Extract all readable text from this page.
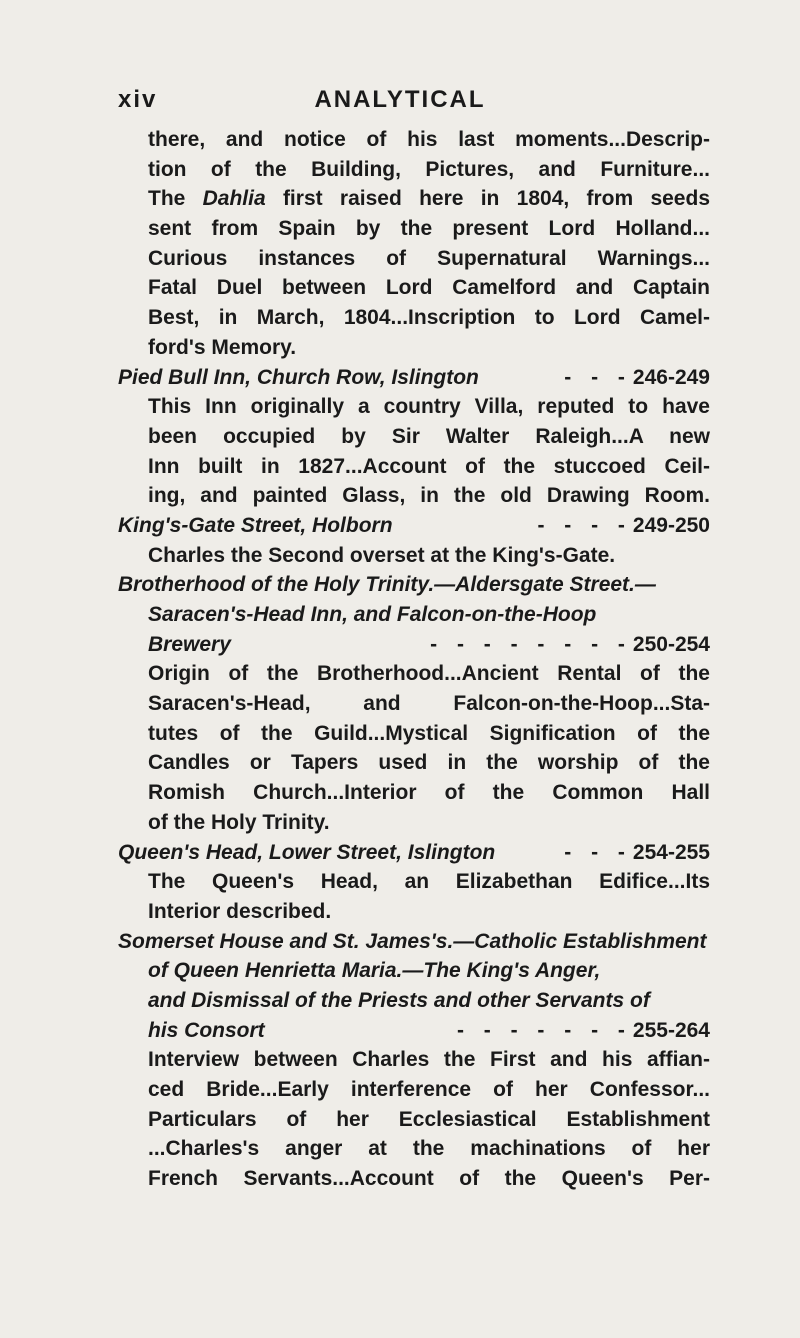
xiv	ANALYTICAL
there, and notice of his last moments...Descrip-
tion of the Building, Pictures, and Furniture...
The Dahlia first raised here in 1804, from seeds
sent from Spain by the present Lord Holland...
Curious instances of Supernatural Warnings...
Fatal Duel between Lord Camelford and Captain
Best, in March, 1804...Inscription to Lord Camel-
ford's Memory.
Pied Bull Inn, Church Row, Islington	- - - 246-249
This Inn originally a country Villa, reputed to have
been occupied by Sir Walter Raleigh...A new
Inn built in 1827...Account of the stuccoed Ceil-
ing, and painted Glass, in the old Drawing Room.
King's-Gate Street, Holborn	- - - - 249-250
Charles the Second overset at the King's-Gate.
Brotherhood of the Holy Trinity.—Aldersgate Street.—
Saracen's-Head Inn, and Falcon-on-the-Hoop
Brewery	- - - - - - - - 250-254
Origin of the Brotherhood...Ancient Rental of the
Saracen's-Head, and Falcon-on-the-Hoop...Sta-
tutes of the Guild...Mystical Signification of the
Candles or Tapers used in the worship of the
Romish Church...Interior of the Common Hall
of the Holy Trinity.
Queen's Head, Lower Street, Islington	- - - 254-255
The Queen's Head, an Elizabethan Edifice...Its
Interior described.
Somerset House and St. James's.—Catholic Establishment
of Queen Henrietta Maria.—The King's Anger,
and Dismissal of the Priests and other Servants of
his Consort	- - - - - - - 255-264
Interview between Charles the First and his affian-
ced Bride...Early interference of her Confessor...
Particulars of her Ecclesiastical Establishment
...Charles's anger at the machinations of her
French Servants...Account of the Queen's Per-
